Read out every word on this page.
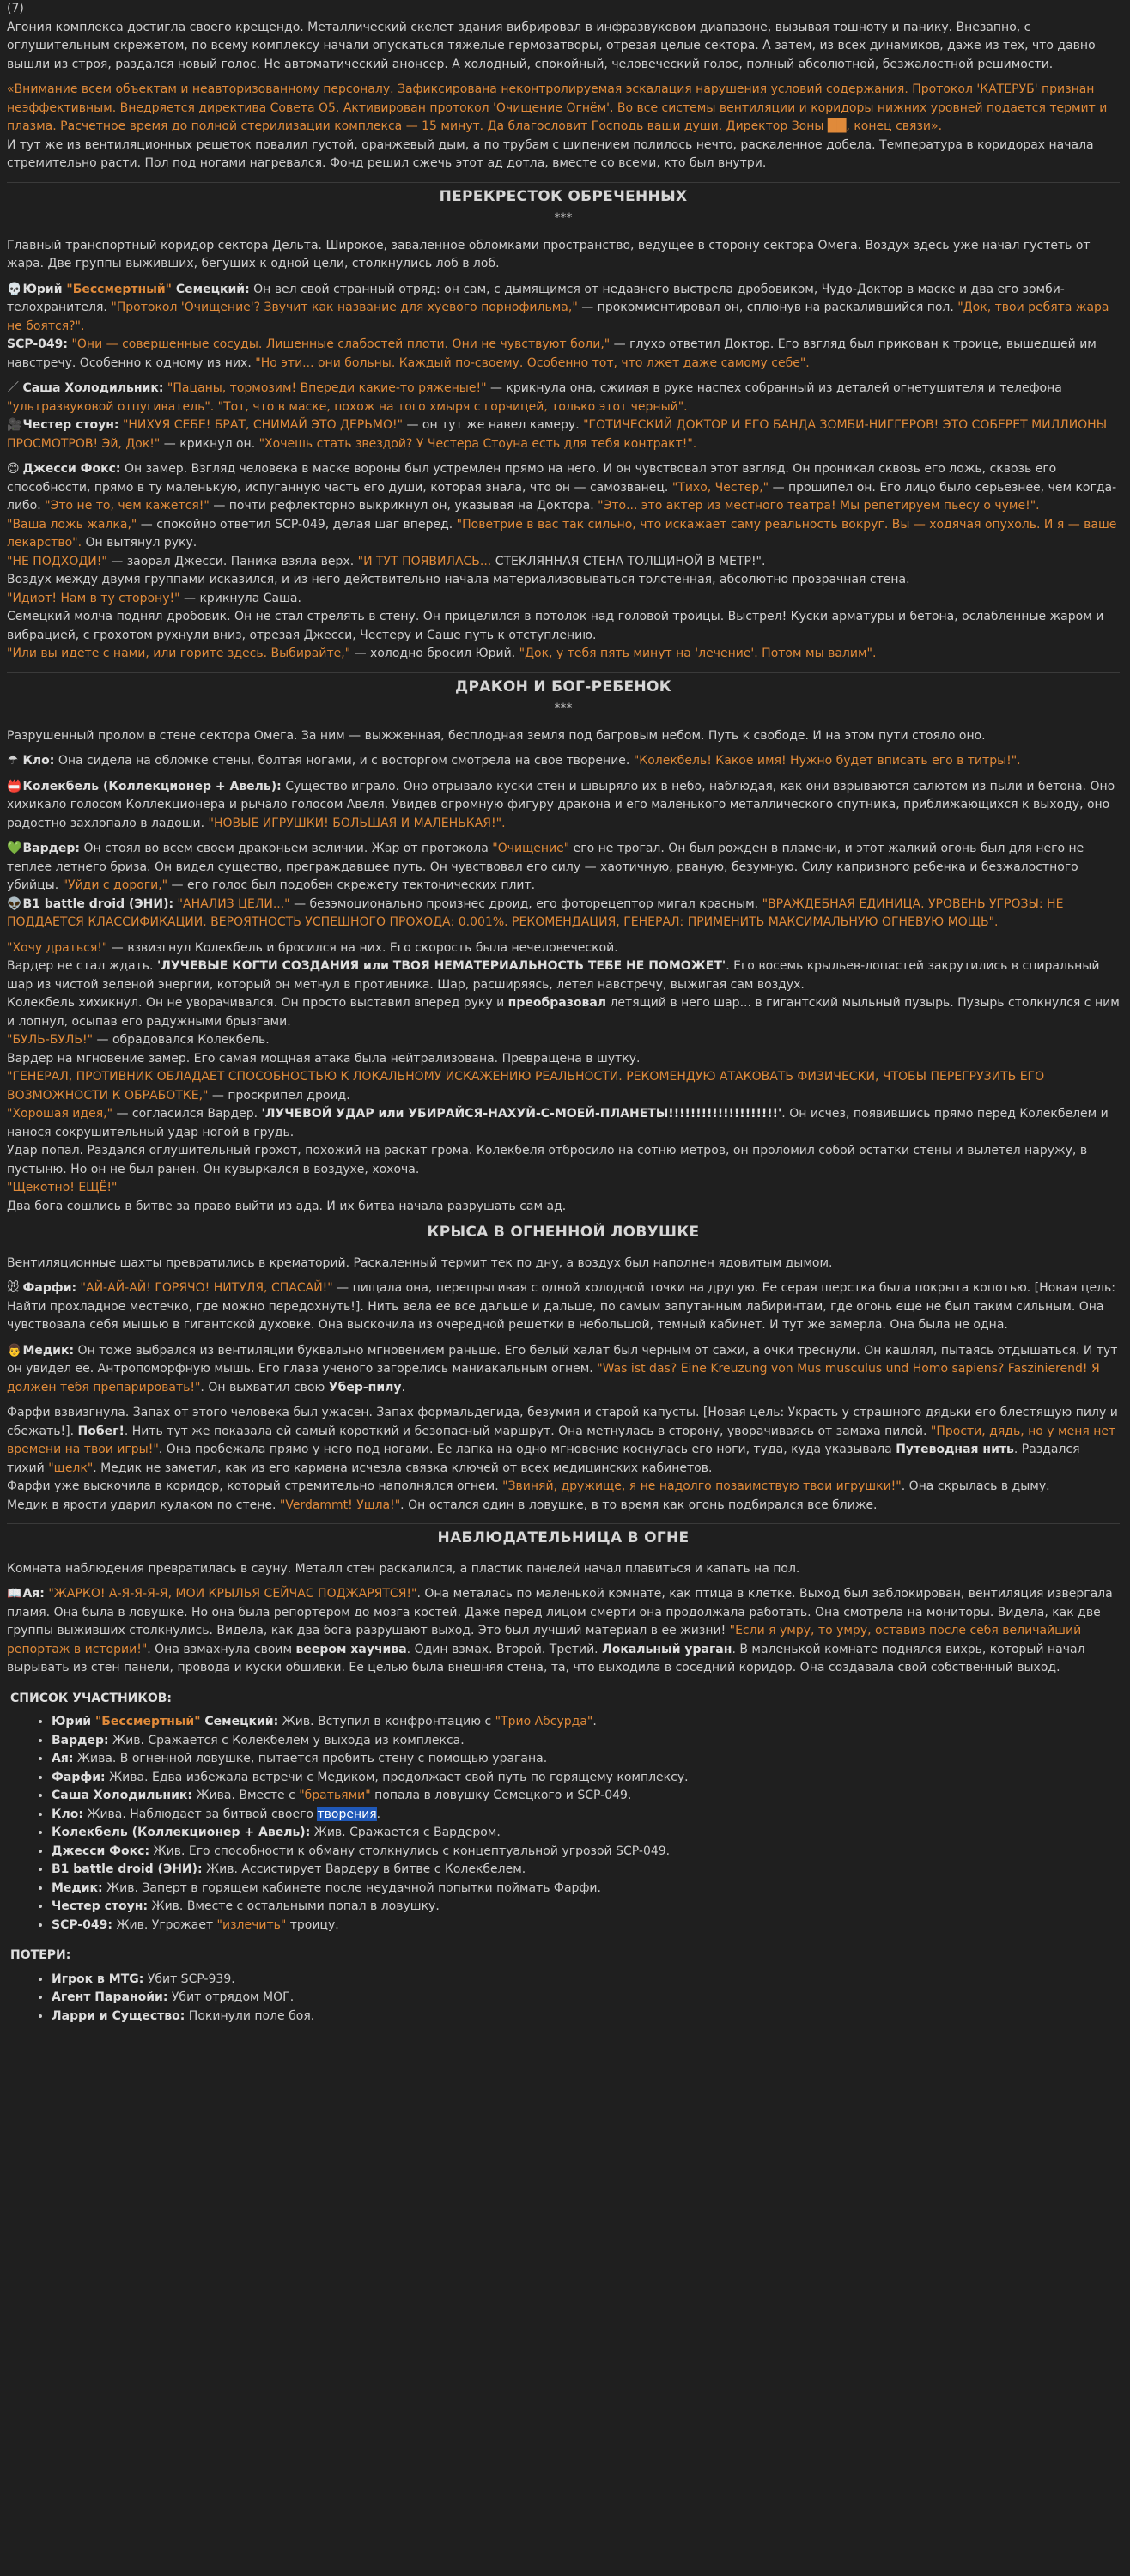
(7)

Агония комплекса достигла своего крещендо. Металлический скелет здания вибрировал в инфразвуковом диапазоне, вызывая тошноту и панику. Внезапно, с оглушительным скрежетом, по всему комплексу начали опускаться тяжелые гермозатворы, отрезая целые сектора. А затем, из всех динамиков, даже из тех, что давно вышли из строя, раздался новый голос. Не автоматический анонсер. А холодный, спокойный, человеческий голос, полный абсолютной, безжалостной решимости.

«Внимание всем объектам и неавторизованному персоналу. Зафиксирована неконтролируемая эскалация нарушения условий содержания. Протокол 'КАТЕРУБ' признан неэффективным. Внедряется директива Совета О5. Активирован протокол 'Очищение Огнём'. Во все системы вентиляции и коридоры нижних уровней подается термит и плазма. Расчетное время до полной стерилизации комплекса — 15 минут. Да благословит Господь ваши души. Директор Зоны ██, конец связи».

И тут же из вентиляционных решеток повалил густой, оранжевый дым, а по трубам с шипением полилось нечто, раскаленное добела. Температура в коридорах начала стремительно расти. Пол под ногами нагревался. Фонд решил сжечь этот ад дотла, вместе со всеми, кто был внутри.

ПЕРЕКРЕСТОК ОБРЕЧЕННЫХ
***

Главный транспортный коридор сектора Дельта. Широкое, заваленное обломками пространство, ведущее в сторону сектора Омега. Воздух здесь уже начал густеть от жара. Две группы выживших, бегущих к одной цели, столкнулись лоб в лоб.

💀 Юрий "Бессмертный" Семецкий: Он вел свой странный отряд: он сам, с дымящимся от недавнего выстрела дробовиком, Чудо-Доктор в маске и два его зомби-телохранителя. "Протокол 'Очищение'? Звучит как название для хуевого порнофильма," — прокомментировал он, сплюнув на раскалившийся пол. "Док, твои ребята жара не боятся?".
SCP-049: "Они — совершенные сосуды. Лишенные слабостей плоти. Они не чувствуют боли," — глухо ответил Доктор. Его взгляд был прикован к троице, вышедшей им навстречу. Особенно к одному из них. "Но эти... они больны. Каждый по-своему. Особенно тот, что лжет даже самому себе".

／ Саша Холодильник: "Пацаны, тормозим! Впереди какие-то ряженые!" — крикнула она, сжимая в руке наспех собранный из деталей огнетушителя и телефона "ультразвуковой отпугиватель". "Тот, что в маске, похож на того хмыря с горчицей, только этот черный".
🎥 Честер стоун: "НИХУЯ СЕБЕ! БРАТ, СНИМАЙ ЭТО ДЕРЬМО!" — он тут же навел камеру. "ГОТИЧЕСКИЙ ДОКТОР И ЕГО БАНДА ЗОМБИ-НИГГЕРОВ! ЭТО СОБЕРЕТ МИЛЛИОНЫ ПРОСМОТРОВ! Эй, Док!" — крикнул он. "Хочешь стать звездой? У Честера Стоуна есть для тебя контракт!".

😊 Джесси Фокс: Он замер. Взгляд человека в маске вороны был устремлен прямо на него. И он чувствовал этот взгляд. Он проникал сквозь его ложь, сквозь его способности, прямо в ту маленькую, испуганную часть его души, которая знала, что он — самозванец. "Тихо, Честер," — прошипел он. Его лицо было серьезнее, чем когда-либо. "Это не то, чем кажется!" — почти рефлекторно выкрикнул он, указывая на Доктора. "Это... это актер из местного театра! Мы репетируем пьесу о чуме!".

"Ваша ложь жалка," — спокойно ответил SCP-049, делая шаг вперед. "Поветрие в вас так сильно, что искажает саму реальность вокруг. Вы — ходячая опухоль. И я — ваше лекарство". Он вытянул руку.

"НЕ ПОДХОДИ!" — заорал Джесси. Паника взяла верх. "И ТУТ ПОЯВИЛАСЬ... СТЕКЛЯННАЯ СТЕНА ТОЛЩИНОЙ В МЕТР!".

Воздух между двумя группами исказился, и из него действительно начала материализовываться толстенная, абсолютно прозрачная стена.

"Идиот! Нам в ту сторону!" — крикнула Саша.

Семецкий молча поднял дробовик. Он не стал стрелять в стену. Он прицелился в потолок над головой троицы. Выстрел! Куски арматуры и бетона, ослабленные жаром и вибрацией, с грохотом рухнули вниз, отрезая Джесси, Честеру и Саше путь к отступлению.

"Или вы идете с нами, или горите здесь. Выбирайте," — холодно бросил Юрий. "Док, у тебя пять минут на 'лечение'. Потом мы валим".

ДРАКОН И БОГ-РЕБЕНОК
***

Разрушенный пролом в стене сектора Омега. За ним — выжженная, бесплодная земля под багровым небом. Путь к свободе. И на этом пути стояло оно.

☂ Кло: Она сидела на обломке стены, болтая ногами, и с восторгом смотрела на свое творение. "Колекбель! Какое имя! Нужно будет вписать его в титры!".

📛 Колекбель (Коллекционер + Авель): Существо играло. Оно отрывало куски стен и швыряло их в небо, наблюдая, как они взрываются салютом из пыли и бетона. Оно хихикало голосом Коллекционера и рычало голосом Авеля. Увидев огромную фигуру дракона и его маленького металлического спутника, приближающихся к выходу, оно радостно захлопало в ладоши. "НОВЫЕ ИГРУШКИ! БОЛЬШАЯ И МАЛЕНЬКАЯ!".

💚 Вардер: Он стоял во всем своем драконьем величии. Жар от протокола "Очищение" его не трогал. Он был рожден в пламени, и этот жалкий огонь был для него не теплее летнего бриза. Он видел существо, преграждавшее путь. Он чувствовал его силу — хаотичную, рваную, безумную. Силу капризного ребенка и безжалостного убийцы. "Уйди с дороги," — его голос был подобен скрежету тектонических плит.
👽 B1 battle droid (ЭНИ): "АНАЛИЗ ЦЕЛИ..." — безэмоционально произнес дроид, его фоторецептор мигал красным. "ВРАЖДЕБНАЯ ЕДИНИЦА. УРОВЕНЬ УГРОЗЫ: НЕ ПОДДАЕТСЯ КЛАССИФИКАЦИИ. ВЕРОЯТНОСТЬ УСПЕШНОГО ПРОХОДА: 0.001%. РЕКОМЕНДАЦИЯ, ГЕНЕРАЛ: ПРИМЕНИТЬ МАКСИМАЛЬНУЮ ОГНЕВУЮ МОЩЬ".

"Хочу драться!" — взвизгнул Колекбель и бросился на них. Его скорость была нечеловеческой.

Вардер не стал ждать. 'ЛУЧЕВЫЕ КОГТИ СОЗДАНИЯ или ТВОЯ НЕМАТЕРИАЛЬНОСТЬ ТЕБЕ НЕ ПОМОЖЕТ'. Его восемь крыльев-лопастей закрутились в спиральный шар из чистой зеленой энергии, который он метнул в противника. Шар, расширяясь, летел навстречу, выжигая сам воздух.

Колекбель хихикнул. Он не уворачивался. Он просто выставил вперед руку и преобразовал летящий в него шар... в гигантский мыльный пузырь. Пузырь столкнулся с ним и лопнул, осыпав его радужными брызгами.

"БУЛЬ-БУЛЬ!" — обрадовался Колекбель.

Вардер на мгновение замер. Его самая мощная атака была нейтрализована. Превращена в шутку.

"ГЕНЕРАЛ, ПРОТИВНИК ОБЛАДАЕТ СПОСОБНОСТЬЮ К ЛОКАЛЬНОМУ ИСКАЖЕНИЮ РЕАЛЬНОСТИ. РЕКОМЕНДУЮ АТАКОВАТЬ ФИЗИЧЕСКИ, ЧТОБЫ ПЕРЕГРУЗИТЬ ЕГО ВОЗМОЖНОСТИ К ОБРАБОТКЕ," — проскрипел дроид.

"Хорошая идея," — согласился Вардер. 'ЛУЧЕВОЙ УДАР или УБИРАЙСЯ-НАХУЙ-С-МОЕЙ-ПЛАНЕТЫ!!!!!!!!!!!!!!!!!!!!'. Он исчез, появившись прямо перед Колекбелем и нанося сокрушительный удар ногой в грудь.

Удар попал. Раздался оглушительный грохот, похожий на раскат грома. Колекбеля отбросило на сотню метров, он проломил собой остатки стены и вылетел наружу, в пустыню. Но он не был ранен. Он кувыркался в воздухе, хохоча.

"Щекотно! ЕЩЁ!"

Два бога сошлись в битве за право выйти из ада. И их битва начала разрушать сам ад.

КРЫСА В ОГНЕННОЙ ЛОВУШКЕ

Вентиляционные шахты превратились в крематорий. Раскаленный термит тек по дну, а воздух был наполнен ядовитым дымом.

🐭 Фарфи: "АЙ-АЙ-АЙ! ГОРЯЧО! НИТУЛЯ, СПАСАЙ!" — пищала она, перепрыгивая с одной холодной точки на другую. Ее серая шерстка была покрыта копотью. [Новая цель: Найти прохладное местечко, где можно передохнуть!]. Нить вела ее все дальше и дальше, по самым запутанным лабиринтам, где огонь еще не был таким сильным. Она чувствовала себя мышью в гигантской духовке. Она выскочила из очередной решетки в небольшой, темный кабинет. И тут же замерла. Она была не одна.

👨 Медик: Он тоже выбрался из вентиляции буквально мгновением раньше. Его белый халат был черным от сажи, а очки треснули. Он кашлял, пытаясь отдышаться. И тут он увидел ее. Антропоморфную мышь. Его глаза ученого загорелись маниакальным огнем. "Was ist das? Eine Kreuzung von Mus musculus und Homo sapiens? Faszinierend! Я должен тебя препарировать!". Он выхватил свою Убер-пилу.

Фарфи взвизгнула. Запах от этого человека был ужасен. Запах формальдегида, безумия и старой капусты. [Новая цель: Украсть у страшного дядьки его блестящую пилу и сбежать!]. Побег!. Нить тут же показала ей самый короткий и безопасный маршрут. Она метнулась в сторону, уворачиваясь от замаха пилой. "Прости, дядь, но у меня нет времени на твои игры!". Она пробежала прямо у него под ногами. Ее лапка на одно мгновение коснулась его ноги, туда, куда указывала Путеводная нить. Раздался тихий "щелк". Медик не заметил, как из его кармана исчезла связка ключей от всех медицинских кабинетов.

Фарфи уже выскочила в коридор, который стремительно наполнялся огнем. "Звиняй, дружище, я не надолго позаимствую твои игрушки!". Она скрылась в дыму.

Медик в ярости ударил кулаком по стене. "Verdammt! Ушла!". Он остался один в ловушке, в то время как огонь подбирался все ближе.

НАБЛЮДАТЕЛЬНИЦА В ОГНЕ

Комната наблюдения превратилась в сауну. Металл стен раскалился, а пластик панелей начал плавиться и капать на пол.

📖 Ая: "ЖАРКО! А-Я-Я-Я-Я, МОИ КРЫЛЬЯ СЕЙЧАС ПОДЖАРЯТСЯ!". Она металась по маленькой комнате, как птица в клетке. Выход был заблокирован, вентиляция извергала пламя. Она была в ловушке. Но она была репортером до мозга костей. Даже перед лицом смерти она продолжала работать. Она смотрела на мониторы. Видела, как две группы выживших столкнулись. Видела, как два бога разрушают выход. Это был лучший материал в ее жизни! "Если я умру, то умру, оставив после себя величайший репортаж в истории!". Она взмахнула своим веером хаучива. Один взмах. Второй. Третий. Локальный ураган. В маленькой комнате поднялся вихрь, который начал вырывать из стен панели, провода и куски обшивки. Ее целью была внешняя стена, та, что выходила в соседний коридор. Она создавала свой собственный выход.

СПИСОК УЧАСТНИКОВ:
• Юрий "Бессмертный" Семецкий: Жив. Вступил в конфронтацию с "Трио Абсурда".
• Вардер: Жив. Сражается с Колекбелем у выхода из комплекса.
• Ая: Жива. В огненной ловушке, пытается пробить стену с помощью урагана.
• Фарфи: Жива. Едва избежала встречи с Медиком, продолжает свой путь по горящему комплексу.
• Саша Холодильник: Жива. Вместе с "братьями" попала в ловушку Семецкого и SCP-049.
• Кло: Жива. Наблюдает за битвой своего творения.
• Колекбель (Коллекционер + Авель): Жив. Сражается с Вардером.
• Джесси Фокс: Жив. Его способности к обману столкнулись с концептуальной угрозой SCP-049.
• B1 battle droid (ЭНИ): Жив. Ассистирует Вардеру в битве с Колекбелем.
• Медик: Жив. Заперт в горящем кабинете после неудачной попытки поймать Фарфи.
• Честер стоун: Жив. Вместе с остальными попал в ловушку.
• SCP-049: Жив. Угрожает "излечить" троицу.
ПОТЕРИ:
• Игрок в MTG: Убит SCP-939.
• Агент Паранойи: Убит отрядом МОГ.
• Ларри и Существо: Покинули поле боя.
